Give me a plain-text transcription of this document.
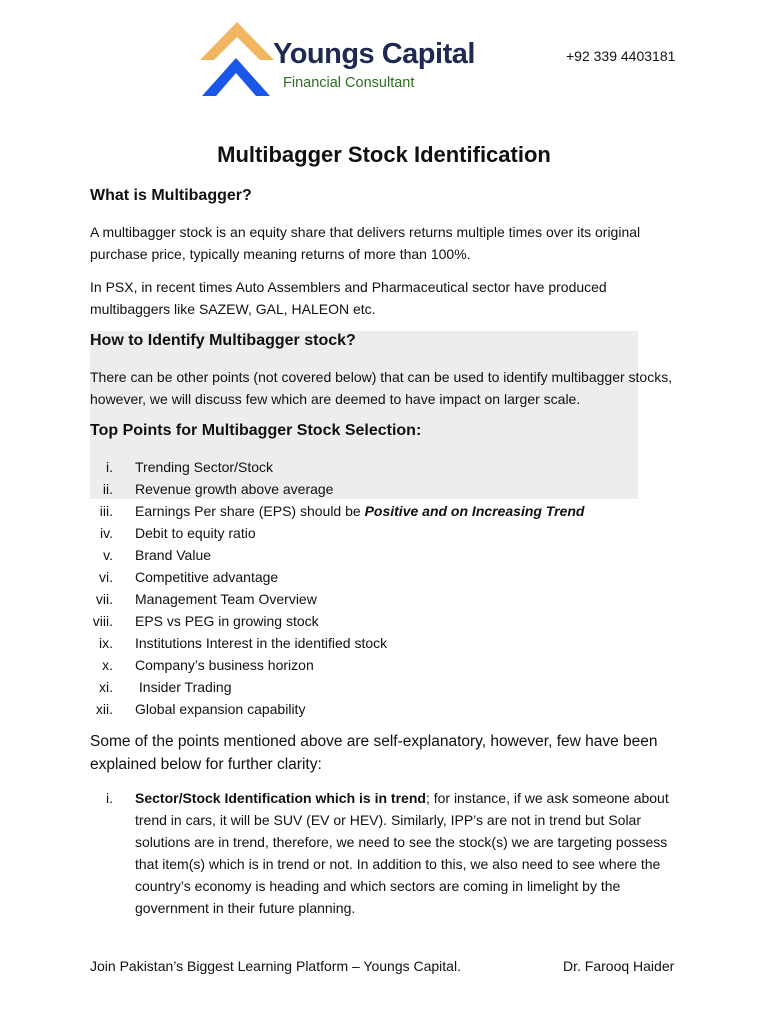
Youngs Capital
Financial Consultant
+92 339 4403181
Multibagger Stock Identification
What is Multibagger?
A multibagger stock is an equity share that delivers returns multiple times over its original purchase price, typically meaning returns of more than 100%.
In PSX, in recent times Auto Assemblers and Pharmaceutical sector have produced multibaggers like SAZEW, GAL, HALEON etc.
How to Identify Multibagger stock?
There can be other points (not covered below) that can be used to identify multibagger stocks, however, we will discuss few which are deemed to have impact on larger scale.
Top Points for Multibagger Stock Selection:
i. Trending Sector/Stock
ii. Revenue growth above average
iii. Earnings Per share (EPS) should be Positive and on Increasing Trend
iv. Debit to equity ratio
v. Brand Value
vi. Competitive advantage
vii. Management Team Overview
viii. EPS vs PEG in growing stock
ix. Institutions Interest in the identified stock
x. Company’s business horizon
xi. Insider Trading
xii. Global expansion capability
Some of the points mentioned above are self-explanatory, however, few have been explained below for further clarity:
i. Sector/Stock Identification which is in trend; for instance, if we ask someone about trend in cars, it will be SUV (EV or HEV). Similarly, IPP’s are not in trend but Solar solutions are in trend, therefore, we need to see the stock(s) we are targeting possess that item(s) which is in trend or not. In addition to this, we also need to see where the country’s economy is heading and which sectors are coming in limelight by the government in their future planning.
Join Pakistan’s Biggest Learning Platform – Youngs Capital.	Dr. Farooq Haider
